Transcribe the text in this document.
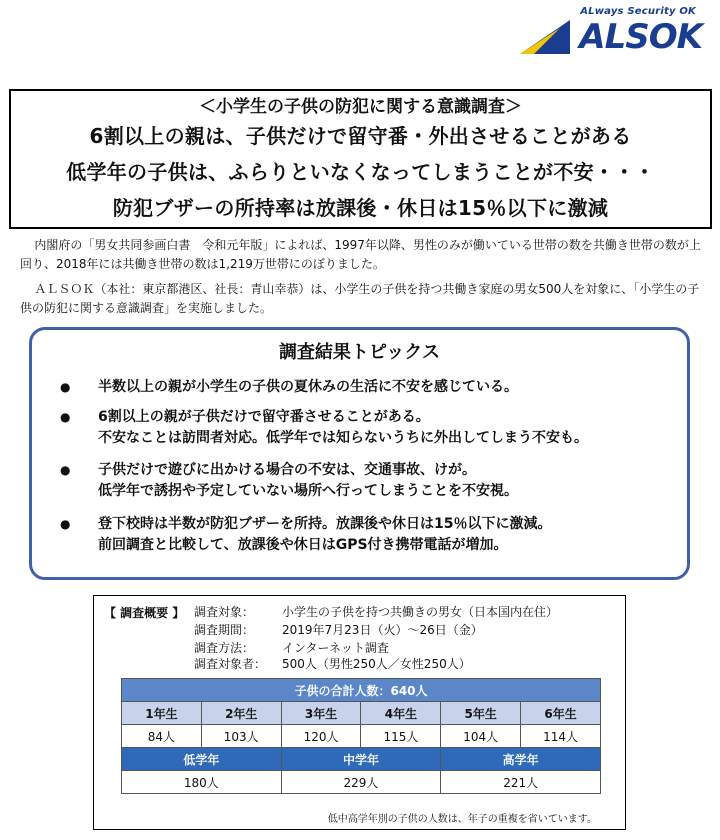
ALways Security OK
ALSOK
＜小学生の子供の防犯に関する意識調査＞
6割以上の親は、子供だけで留守番・外出させることがある
低学年の子供は、ふらりといなくなってしまうことが不安・・・
防犯ブザーの所持率は放課後・休日は15％以下に激減

内閣府の「男女共同参画白書　令和元年版」によれば、1997年以降、男性のみが働いている世帯の数を共働き世帯の数が上回り、2018年には共働き世帯の数は1,219万世帯にのぼりました。

ＡＬＳＯＫ（本社：東京都港区、社長：青山幸恭）は、小学生の子供を持つ共働き家庭の男女500人を対象に、「小学生の子供の防犯に関する意識調査」を実施しました。

調査結果トピックス
● 半数以上の親が小学生の子供の夏休みの生活に不安を感じている。
● 6割以上の親が子供だけで留守番させることがある。
不安なことは訪問者対応。低学年では知らないうちに外出してしまう不安も。
● 子供だけで遊びに出かける場合の不安は、交通事故、けが。
低学年で誘拐や予定していない場所へ行ってしまうことを不安視。
● 登下校時は半数が防犯ブザーを所持。放課後や休日は15％以下に激減。
前回調査と比較して、放課後や休日はGPS付き携帯電話が増加。
【 調査概要 】 調査対象： 小学生の子供を持つ共働きの男女（日本国内在住）
調査期間： 2019年7月23日（火）～26日（金）
調査方法： インターネット調査
調査対象者： 500人（男性250人／女性250人）
子供の合計人数：640人					
1年生	2年生	3年生	4年生	5年生	6年生
84人	103人	120人	115人	104人	114人
低学年		中学年		高学年	
180人		229人		221人	
低中高学年別の子供の人数は、年子の重複を省いています。
